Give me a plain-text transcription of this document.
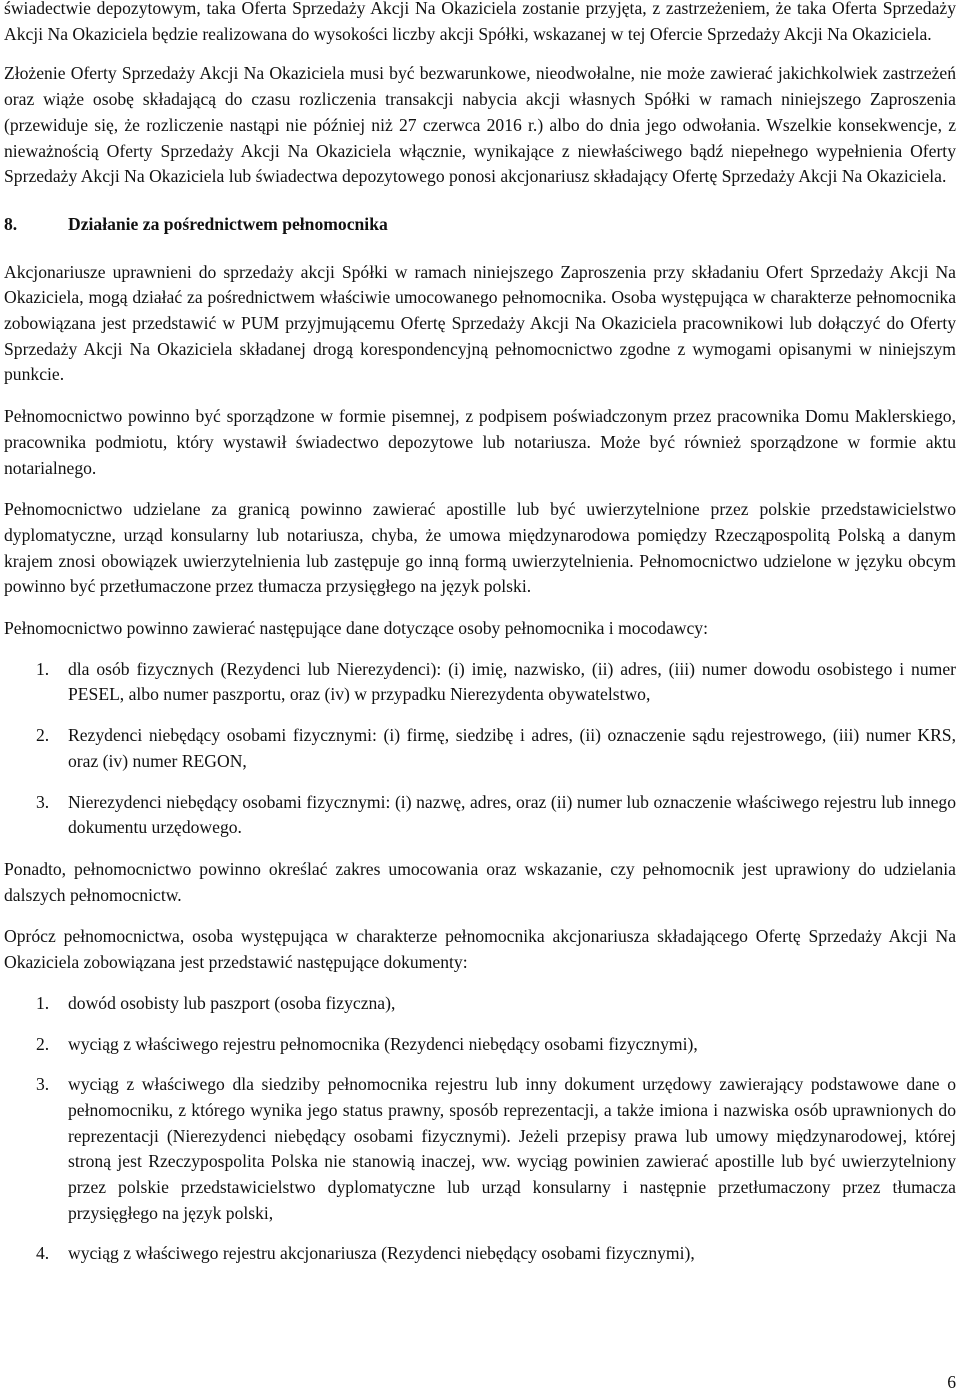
świadectwie depozytowym, taka Oferta Sprzedaży Akcji Na Okaziciela zostanie przyjęta, z zastrzeżeniem, że taka Oferta Sprzedaży Akcji Na Okaziciela będzie realizowana do wysokości liczby akcji Spółki, wskazanej w tej Ofercie Sprzedaży Akcji Na Okaziciela.

Złożenie Oferty Sprzedaży Akcji Na Okaziciela musi być bezwarunkowe, nieodwołalne, nie może zawierać jakichkolwiek zastrzeżeń oraz wiąże osobę składającą do czasu rozliczenia transakcji nabycia akcji własnych Spółki w ramach niniejszego Zaproszenia (przewiduje się, że rozliczenie nastąpi nie później niż 27 czerwca 2016 r.) albo do dnia jego odwołania. Wszelkie konsekwencje, z nieważnością Oferty Sprzedaży Akcji Na Okaziciela włącznie, wynikające z niewłaściwego bądź niepełnego wypełnienia Oferty Sprzedaży Akcji Na Okaziciela lub świadectwa depozytowego ponosi akcjonariusz składający Ofertę Sprzedaży Akcji Na Okaziciela.

8.	Działanie za pośrednictwem pełnomocnika

Akcjonariusze uprawnieni do sprzedaży akcji Spółki w ramach niniejszego Zaproszenia przy składaniu Ofert Sprzedaży Akcji Na Okaziciela, mogą działać za pośrednictwem właściwie umocowanego pełnomocnika. Osoba występująca w charakterze pełnomocnika zobowiązana jest przedstawić w PUM przyjmującemu Ofertę Sprzedaży Akcji Na Okaziciela pracownikowi lub dołączyć do Oferty Sprzedaży Akcji Na Okaziciela składanej drogą korespondencyjną pełnomocnictwo zgodne z wymogami opisanymi w niniejszym punkcie.

Pełnomocnictwo powinno być sporządzone w formie pisemnej, z podpisem poświadczonym przez pracownika Domu Maklerskiego, pracownika podmiotu, który wystawił świadectwo depozytowe lub notariusza. Może być również sporządzone w formie aktu notarialnego.

Pełnomocnictwo udzielane za granicą powinno zawierać apostille lub być uwierzytelnione przez polskie przedstawicielstwo dyplomatyczne, urząd konsularny lub notariusza, chyba, że umowa międzynarodowa pomiędzy Rzecząpospolitą Polską a danym krajem znosi obowiązek uwierzytelnienia lub zastępuje go inną formą uwierzytelnienia. Pełnomocnictwo udzielone w języku obcym powinno być przetłumaczone przez tłumacza przysięgłego na język polski.

Pełnomocnictwo powinno zawierać następujące dane dotyczące osoby pełnomocnika i mocodawcy:

1.	dla osób fizycznych (Rezydenci lub Nierezydenci): (i) imię, nazwisko, (ii) adres, (iii) numer dowodu osobistego i numer PESEL, albo numer paszportu, oraz (iv) w przypadku Nierezydenta obywatelstwo,
2.	Rezydenci niebędący osobami fizycznymi: (i) firmę, siedzibę i adres, (ii) oznaczenie sądu rejestrowego, (iii) numer KRS, oraz (iv) numer REGON,
3.	Nierezydenci niebędący osobami fizycznymi: (i) nazwę, adres, oraz (ii) numer lub oznaczenie właściwego rejestru lub innego dokumentu urzędowego.

Ponadto, pełnomocnictwo powinno określać zakres umocowania oraz wskazanie, czy pełnomocnik jest uprawiony do udzielania dalszych pełnomocnictw.

Oprócz pełnomocnictwa, osoba występująca w charakterze pełnomocnika akcjonariusza składającego Ofertę Sprzedaży Akcji Na Okaziciela zobowiązana jest przedstawić następujące dokumenty:

1.	dowód osobisty lub paszport (osoba fizyczna),
2.	wyciąg z właściwego rejestru pełnomocnika (Rezydenci niebędący osobami fizycznymi),
3.	wyciąg z właściwego dla siedziby pełnomocnika rejestru lub inny dokument urzędowy zawierający podstawowe dane o pełnomocniku, z którego wynika jego status prawny, sposób reprezentacji, a także imiona i nazwiska osób uprawnionych do reprezentacji (Nierezydenci niebędący osobami fizycznymi). Jeżeli przepisy prawa lub umowy międzynarodowej, której stroną jest Rzeczypospolita Polska nie stanowią inaczej, ww. wyciąg powinien zawierać apostille lub być uwierzytelniony przez polskie przedstawicielstwo dyplomatyczne lub urząd konsularny i następnie przetłumaczony przez tłumacza przysięgłego na język polski,
4.	wyciąg z właściwego rejestru akcjonariusza (Rezydenci niebędący osobami fizycznymi),
6
